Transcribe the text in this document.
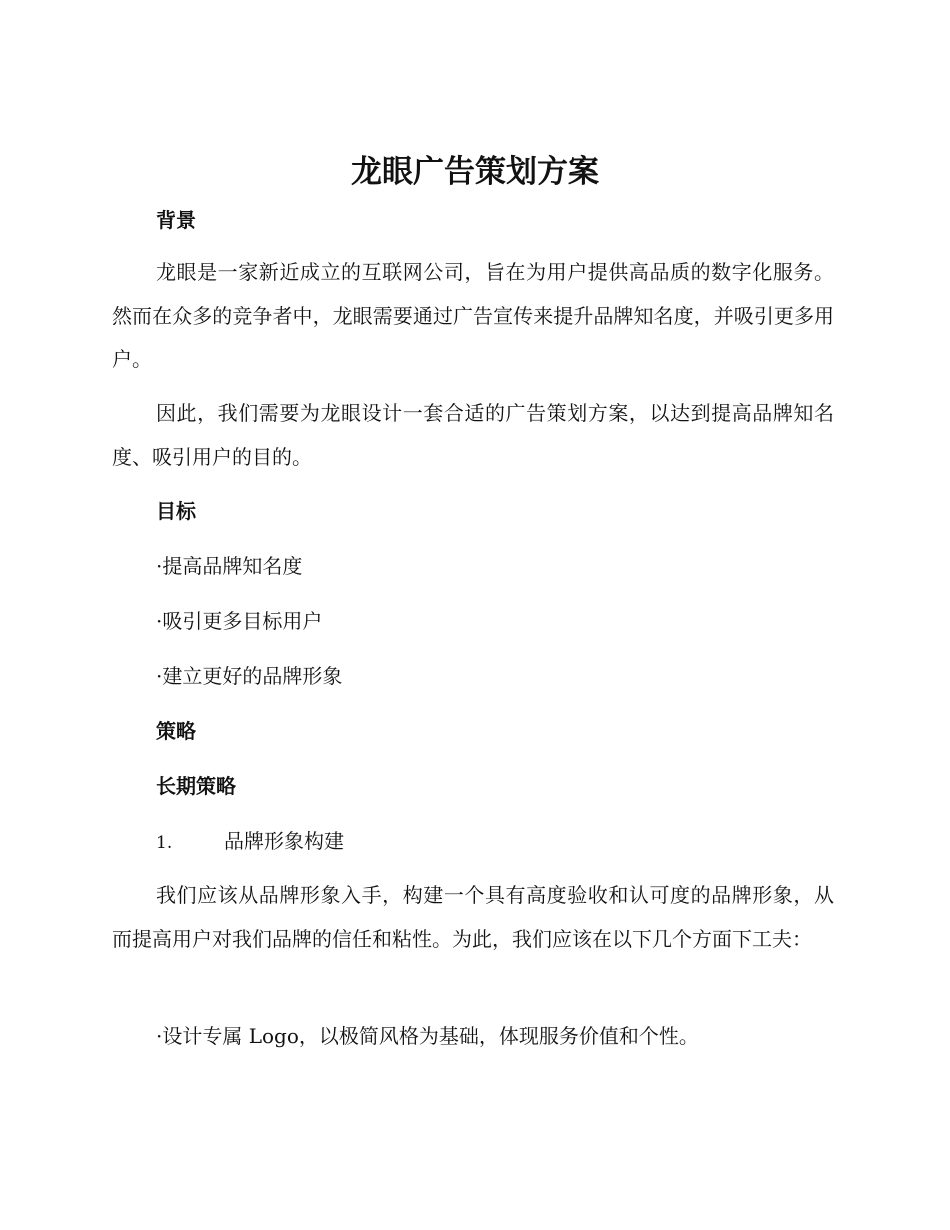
龙眼广告策划方案
背景

龙眼是一家新近成立的互联网公司，旨在为用户提供高品质的数字化服务。然而在众多的竞争者中，龙眼需要通过广告宣传来提升品牌知名度，并吸引更多用户。

因此，我们需要为龙眼设计一套合适的广告策划方案，以达到提高品牌知名度、吸引用户的目的。

目标

·提高品牌知名度

·吸引更多目标用户

·建立更好的品牌形象

策略
长期策略

1.	品牌形象构建

我们应该从品牌形象入手，构建一个具有高度验收和认可度的品牌形象，从而提高用户对我们品牌的信任和粘性。为此，我们应该在以下几个方面下工夫：

·设计专属 Logo，以极简风格为基础，体现服务价值和个性。
